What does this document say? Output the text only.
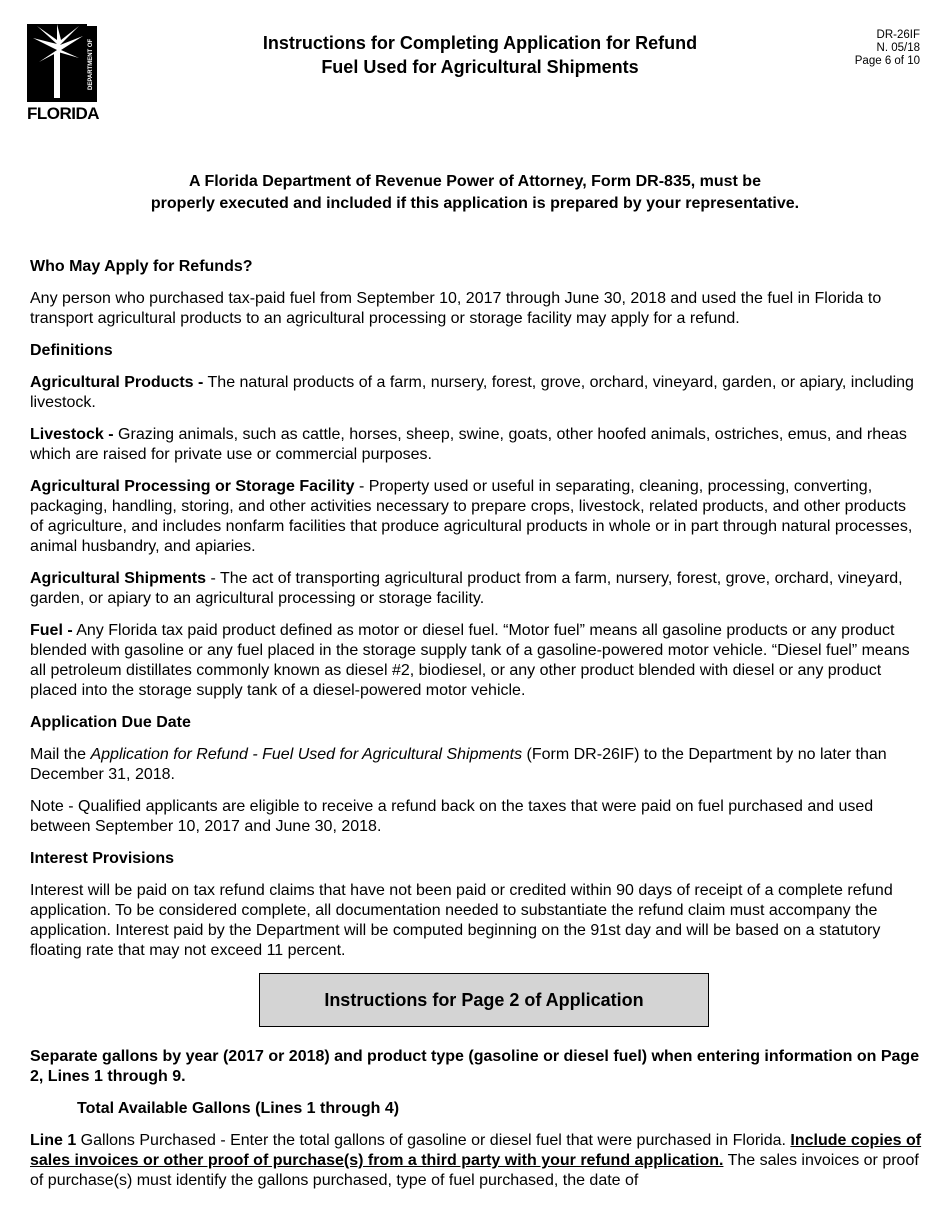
DEPARTMENT OF REVENUE
FLORIDA
Instructions for Completing Application for Refund
Fuel Used for Agricultural Shipments
DR-26IF
N. 05/18
Page 6 of 10
A Florida Department of Revenue Power of Attorney, Form DR-835, must be
properly executed and included if this application is prepared by your representative.

Who May Apply for Refunds?

Any person who purchased tax-paid fuel from September 10, 2017 through June 30, 2018 and used the fuel in Florida to transport agricultural products to an agricultural processing or storage facility may apply for a refund.

Definitions

Agricultural Products - The natural products of a farm, nursery, forest, grove, orchard, vineyard, garden, or apiary, including livestock.

Livestock - Grazing animals, such as cattle, horses, sheep, swine, goats, other hoofed animals, ostriches, emus, and rheas which are raised for private use or commercial purposes.

Agricultural Processing or Storage Facility - Property used or useful in separating, cleaning, processing, converting, packaging, handling, storing, and other activities necessary to prepare crops, livestock, related products, and other products of agriculture, and includes nonfarm facilities that produce agricultural products in whole or in part through natural processes, animal husbandry, and apiaries.

Agricultural Shipments - The act of transporting agricultural product from a farm, nursery, forest, grove, orchard, vineyard, garden, or apiary to an agricultural processing or storage facility.

Fuel - Any Florida tax paid product defined as motor or diesel fuel. “Motor fuel” means all gasoline products or any product blended with gasoline or any fuel placed in the storage supply tank of a gasoline-powered motor vehicle. “Diesel fuel” means all petroleum distillates commonly known as diesel #2, biodiesel, or any other product blended with diesel or any product placed into the storage supply tank of a diesel-powered motor vehicle.

Application Due Date

Mail the Application for Refund - Fuel Used for Agricultural Shipments (Form DR-26IF) to the Department by no later than December 31, 2018.

Note - Qualified applicants are eligible to receive a refund back on the taxes that were paid on fuel purchased and used between September 10, 2017 and June 30, 2018.

Interest Provisions

Interest will be paid on tax refund claims that have not been paid or credited within 90 days of receipt of a complete refund application. To be considered complete, all documentation needed to substantiate the refund claim must accompany the application. Interest paid by the Department will be computed beginning on the 91st day and will be based on a statutory floating rate that may not exceed 11 percent.

Instructions for Page 2 of Application

Separate gallons by year (2017 or 2018) and product type (gasoline or diesel fuel) when entering information on Page 2, Lines 1 through 9.

Total Available Gallons (Lines 1 through 4)

Line 1 Gallons Purchased - Enter the total gallons of gasoline or diesel fuel that were purchased in Florida. Include copies of sales invoices or other proof of purchase(s) from a third party with your refund application. The sales invoices or proof of purchase(s) must identify the gallons purchased, type of fuel purchased, the date of
